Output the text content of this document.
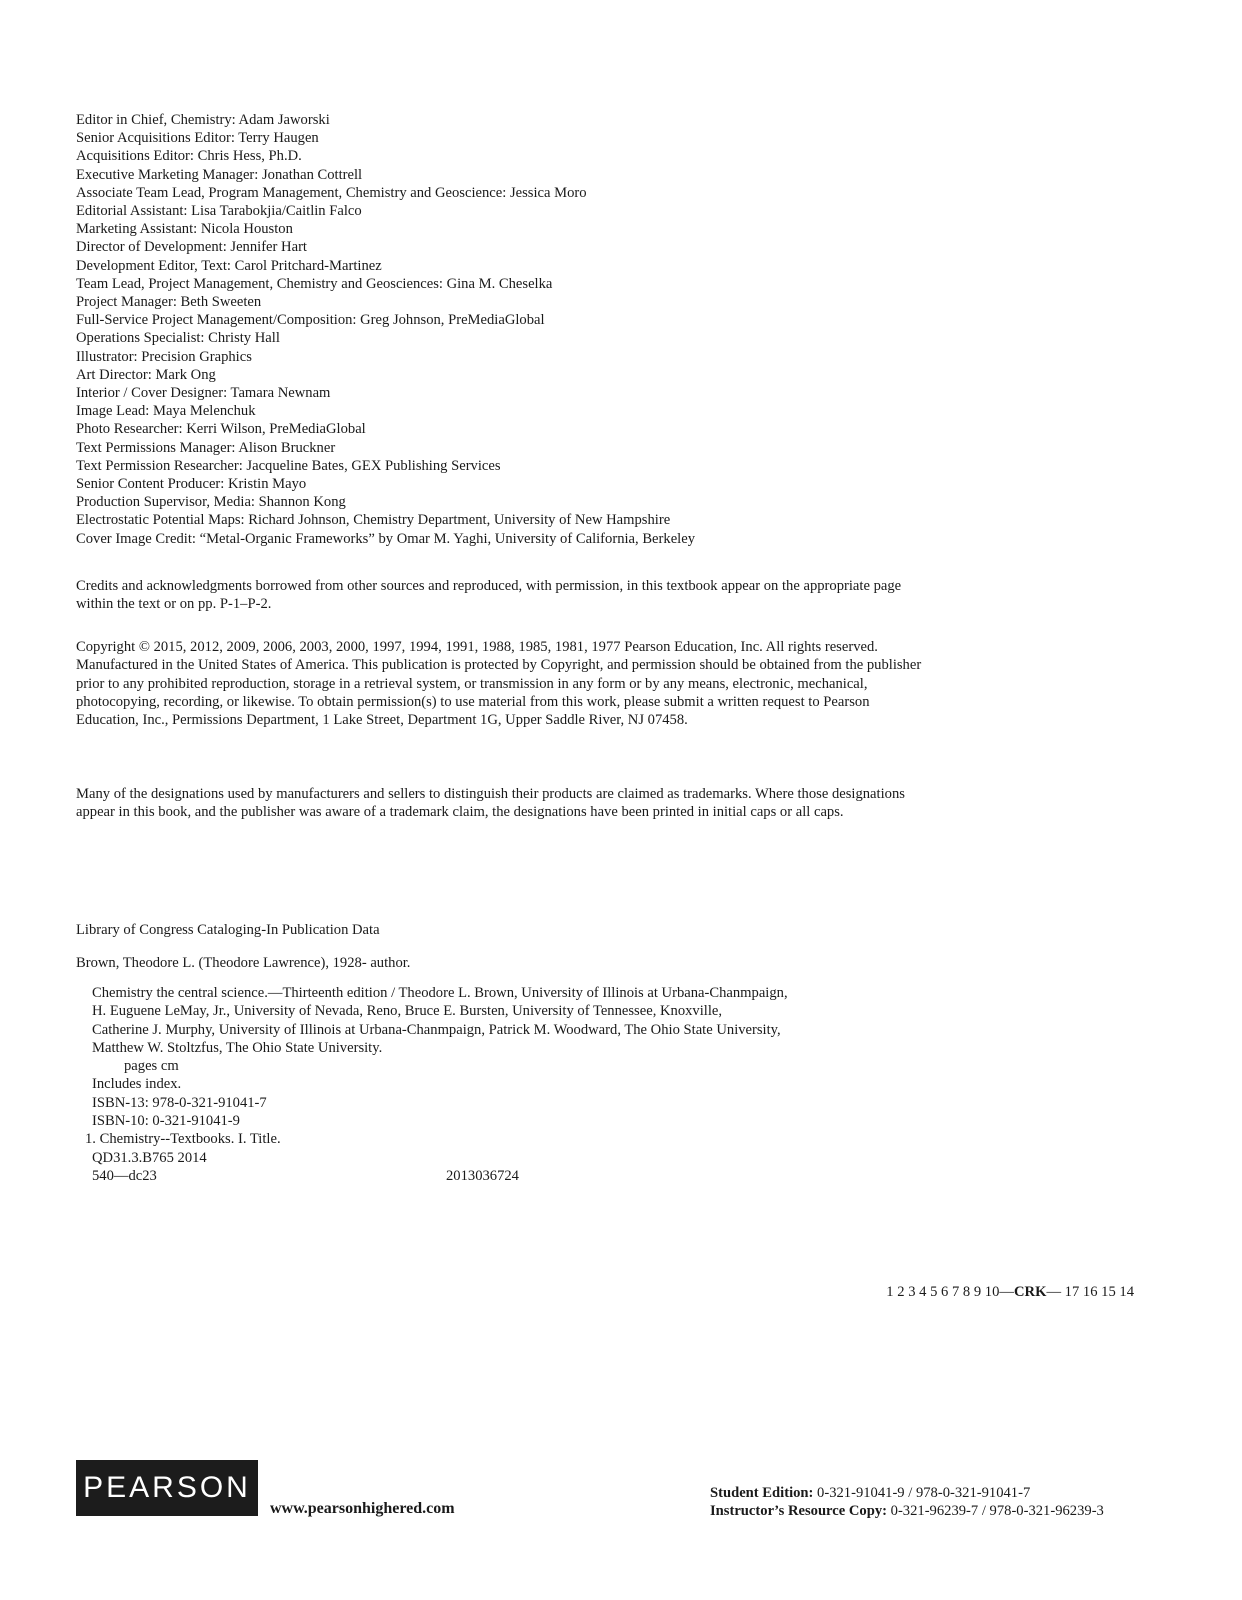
Editor in Chief, Chemistry: Adam Jaworski
Senior Acquisitions Editor: Terry Haugen
Acquisitions Editor: Chris Hess, Ph.D.
Executive Marketing Manager: Jonathan Cottrell
Associate Team Lead, Program Management, Chemistry and Geoscience: Jessica Moro
Editorial Assistant: Lisa Tarabokjia/Caitlin Falco
Marketing Assistant: Nicola Houston
Director of Development: Jennifer Hart
Development Editor, Text: Carol Pritchard-Martinez
Team Lead, Project Management, Chemistry and Geosciences: Gina M. Cheselka
Project Manager: Beth Sweeten
Full-Service Project Management/Composition: Greg Johnson, PreMediaGlobal
Operations Specialist: Christy Hall
Illustrator: Precision Graphics
Art Director: Mark Ong
Interior / Cover Designer: Tamara Newnam
Image Lead: Maya Melenchuk
Photo Researcher: Kerri Wilson, PreMediaGlobal
Text Permissions Manager: Alison Bruckner
Text Permission Researcher: Jacqueline Bates, GEX Publishing Services
Senior Content Producer: Kristin Mayo
Production Supervisor, Media: Shannon Kong
Electrostatic Potential Maps: Richard Johnson, Chemistry Department, University of New Hampshire
Cover Image Credit: “Metal-Organic Frameworks” by Omar M. Yaghi, University of California, Berkeley
Credits and acknowledgments borrowed from other sources and reproduced, with permission, in this textbook appear on the appropriate page within the text or on pp. P-1–P-2.
Copyright © 2015, 2012, 2009, 2006, 2003, 2000, 1997, 1994, 1991, 1988, 1985, 1981, 1977 Pearson Education, Inc. All rights reserved. Manufactured in the United States of America. This publication is protected by Copyright, and permission should be obtained from the publisher prior to any prohibited reproduction, storage in a retrieval system, or transmission in any form or by any means, electronic, mechanical, photocopying, recording, or likewise. To obtain permission(s) to use material from this work, please submit a written request to Pearson Education, Inc., Permissions Department, 1 Lake Street, Department 1G, Upper Saddle River, NJ 07458.
Many of the designations used by manufacturers and sellers to distinguish their products are claimed as trademarks. Where those designations appear in this book, and the publisher was aware of a trademark claim, the designations have been printed in initial caps or all caps.
Library of Congress Cataloging-In Publication Data
Brown, Theodore L. (Theodore Lawrence), 1928- author.
Chemistry the central science.—Thirteenth edition / Theodore L. Brown, University of Illinois at Urbana-Chanmpaign,
H. Euguene LeMay, Jr., University of Nevada, Reno, Bruce E. Bursten, University of Tennessee, Knoxville,
Catherine J. Murphy, University of Illinois at Urbana-Chanmpaign, Patrick M. Woodward, The Ohio State University,
Matthew W. Stoltzfus, The Ohio State University.
pages cm
Includes index.
ISBN-13: 978-0-321-91041-7
ISBN-10: 0-321-91041-9
1. Chemistry--Textbooks. I. Title.
QD31.3.B765 2014
540—dc23	2013036724
1 2 3 4 5 6 7 8 9 10—CRK— 17 16 15 14
PEARSON
www.pearsonhighered.com
Student Edition: 0-321-91041-9 / 978-0-321-91041-7
Instructor’s Resource Copy: 0-321-96239-7 / 978-0-321-96239-3
